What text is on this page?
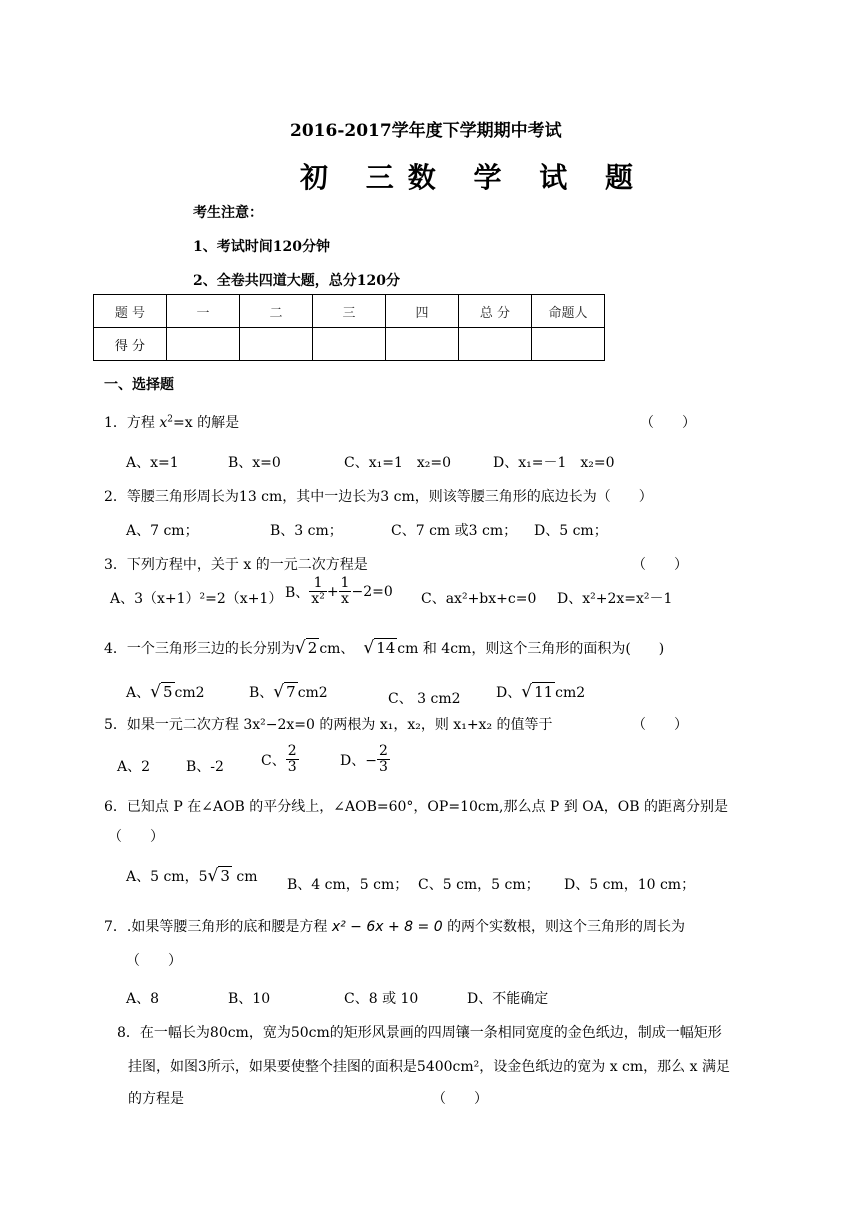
2016-2017学年度下学期期中考试
初 三数 学 试 题
考生注意：
1、考试时间120分钟
2、全卷共四道大题，总分120分
题 号	一	二	三	四	总 分	命题人
得 分						
一、选择题
1．方程 $x^2=x$ 的解是	（　　）
A、x=1	B、x=0	C、x₁=1　x₂=0	D、x₁=－1　x₂=0
2．等腰三角形周长为13 cm，其中一边长为3 cm，则该等腰三角形的底边长为（　　）
A、7 cm；	B、3 cm；	C、7 cm 或3 cm； D、5 cm；
3．下列方程中，关于 x 的一元二次方程是	（　　）
A、3（x+1）²=2（x+1） B、 $\frac{1}{\text{x²}} + \frac{1}{x} -2=0$ C、ax²+bx+c=0 D、x²+2x=x²－1
4．一个三角形三边的长分别为√ 2 cm、 √ 14 cm 和 4cm，则这个三角形的面积为(　　)
A、√ 5 cm2	B、√ 7 cm2	C、 3 cm2	D、√ 11 cm2
5．如果一元二次方程 3x²−2x=0 的两根为 x₁，x₂，则 x₁+x₂ 的值等于	（　　）
A、2	B、-2	C、 $\frac{2}{3}$	D、− $\frac{2}{3}$
6．已知点 P 在∠AOB 的平分线上，∠AOB=60°，OP=10cm,那么点 P 到 OA，OB 的距离分别是
（　　）
A、5 cm，5√ 3 cm B、4 cm，5 cm； C、5 cm，5 cm； D、5 cm，10 cm；
7．.如果等腰三角形的底和腰是方程 x² − 6x + 8 = 0 的两个实数根，则这个三角形的周长为
（　　）
A、8	B、10	C、8 或 10	D、不能确定
8．在一幅长为80cm，宽为50cm的矩形风景画的四周镶一条相同宽度的金色纸边，制成一幅矩形
挂图，如图3所示，如果要使整个挂图的面积是5400cm²，设金色纸边的宽为 x cm，那么 x 满足
的方程是	（　　）
